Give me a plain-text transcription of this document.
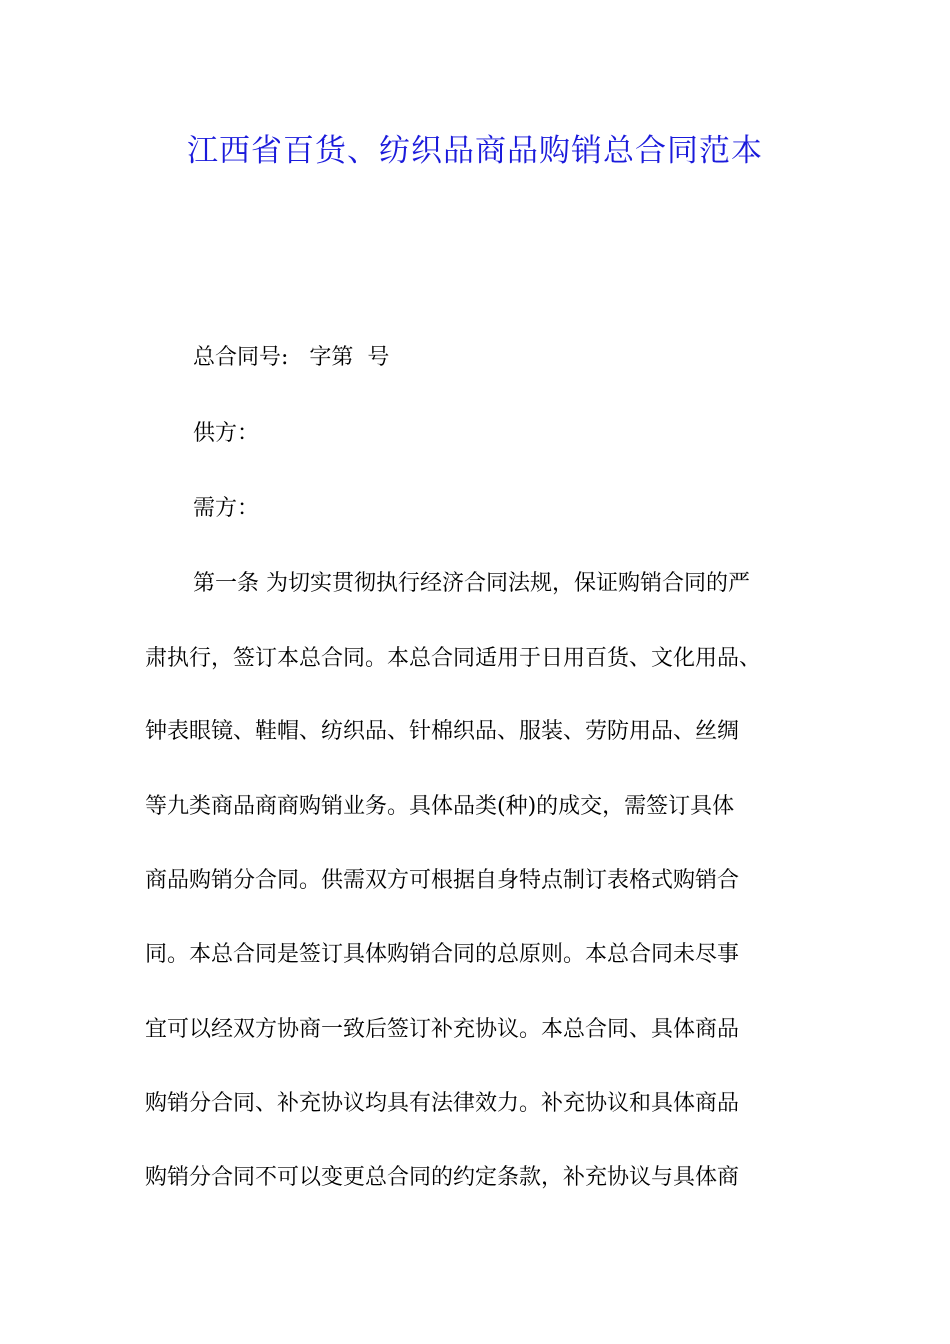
江西省百货、纺织品商品购销总合同范本
总合同号:   字第  号
供方：
需方：
第一条 为切实贯彻执行经济合同法规，保证购销合同的严
肃执行，签订本总合同。本总合同适用于日用百货、文化用品、
钟表眼镜、鞋帽、纺织品、针棉织品、服装、劳防用品、丝绸
等九类商品商商购销业务。具体品类(种)的成交，需签订具体
商品购销分合同。供需双方可根据自身特点制订表格式购销合
同。本总合同是签订具体购销合同的总原则。本总合同未尽事
宜可以经双方协商一致后签订补充协议。本总合同、具体商品
购销分合同、补充协议均具有法律效力。补充协议和具体商品
购销分合同不可以变更总合同的约定条款，补充协议与具体商
